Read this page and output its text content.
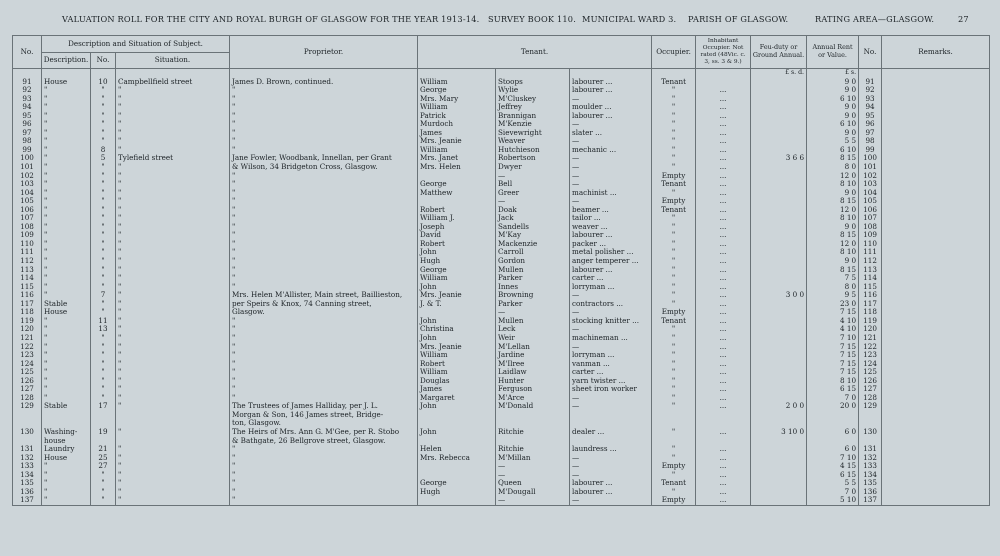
VALUATION ROLL FOR THE CITY AND ROYAL BURGH OF GLASGOW FOR THE YEAR 1913-14. SURVEY BOOK 110. MUNICIPAL WARD 3. PARISH OF GLASGOW.	RATING AREA—GLASGOW.	27
No.	Description and Situation of Subject.			Proprietor.	Tenant.			Occupier.	Inhabitant Occupier. Not rated (48Vic. c. 3, ss. 3 & 9.)	Feu-duty or Ground Annual.	Annual Rent or Value.	No.	Remarks.
	Description.	No.	Situation.										
										£ s. d.	£ s.		
91	House	10	Campbellfield street	James D. Brown, continued.	William	Stoops	labourer ...	Tenant			9 0	91	
92	"	"	"	"	George	Wylie	labourer ...	"	...		9 0	92	
93	"	"	"	"	Mrs. Mary	M'Cluskey	—	"	...		6 10	93	
94	"	"	"	"	William	Jeffrey	moulder ...	"	...		9 0	94	
95	"	"	"	"	Patrick	Brannigan	labourer ...	"	...		9 0	95	
96	"	"	"	"	Murdoch	M'Kenzie	—	"	...		6 10	96	
97	"	"	"	"	James	Sievewright	slater ...	"	...		9 0	97	
98	"	"	"	"	Mrs. Jeanie	Weaver	—	"	...		5 5	98	
99	"	8	"	"	William	Hutchieson	mechanic ...	"	...		6 10	99	
100	"	5	Tylefield street	Jane Fowler, Woodbank, Innellan, per Grant	Mrs. Janet	Robertson	—	"	...	3 6 6	8 15	100	
101	"	"	"	& Wilson, 34 Bridgeton Cross, Glasgow.	Mrs. Helen	Dwyer	—	"	...		8 0	101	
102	"	"	"	"		—	—	Empty	...		12 0	102	
103	"	"	"	"	George	Bell	—	Tenant	...		8 10	103	
104	"	"	"	"	Matthew	Greer	machinist ...	"	...		9 0	104	
105	"	"	"	"		—	—	Empty	...		8 15	105	
106	"	"	"	"	Robert	Doak	beamer ...	Tenant	...		12 0	106	
107	"	"	"	"	William J.	Jack	tailor ...	"	...		8 10	107	
108	"	"	"	"	Joseph	Sandells	weaver ...	"	...		9 0	108	
109	"	"	"	"	David	M'Kay	labourer ...	"	...		8 15	109	
110	"	"	"	"	Robert	Mackenzie	packer ...	"	...		12 0	110	
111	"	"	"	"	John	Carroll	metal polisher ...	"	...		8 10	111	
112	"	"	"	"	Hugh	Gordon	anger temperer ...	"	...		9 0	112	
113	"	"	"	"	George	Mullen	labourer ...	"	...		8 15	113	
114	"	"	"	"	William	Parker	carter ...	"	...		7 5	114	
115	"	"	"	"	John	Innes	lorryman ...	"	...		8 0	115	
116	"	7	"	Mrs. Helen M'Allister, Main street, Baillieston,	Mrs. Jeanie	Browning	—	"	...	3 0 0	9 5	116	
117	Stable	"	"	per Speirs & Knox, 74 Canning street,	J. & T.	Parker	contractors ...	"	...		23 0	117	
118	House	"	"	Glasgow.		—	—	Empty	...		7 15	118	
119	"	11	"	"	John	Mullen	stocking knitter ...	Tenant	...		4 10	119	
120	"	13	"	"	Christina	Leck	—	"	...		4 10	120	
121	"	"	"	"	John	Weir	machineman ...	"	...		7 10	121	
122	"	"	"	"	Mrs. Jeanie	M'Lellan	—	"	...		7 15	122	
123	"	"	"	"	William	Jardine	lorryman ...	"	...		7 15	123	
124	"	"	"	"	Robert	M'Ilree	vanman ...	"	...		7 15	124	
125	"	"	"	"	William	Laidlaw	carter ...	"	...		7 15	125	
126	"	"	"	"	Douglas	Hunter	yarn twister ...	"	...		8 10	126	
127	"	"	"	"	James	Ferguson	sheet iron worker	"	...		6 15	127	
128	"	"	"	"	Margaret	M'Arce	—	"	...		7 0	128	
129	Stable	17	"	The Trustees of James Halliday, per J. L.	John	M'Donald	—	"	...	2 0 0	20 0	129	
				Morgan & Son, 146 James street, Bridge-									
				ton, Glasgow.									
130	Washing-	19	"	The Heirs of Mrs. Ann G. M'Gee, per R. Stobo	John	Ritchie	dealer ...	"	...	3 10 0	6 0	130	
	house			& Bathgate, 26 Bellgrove street, Glasgow.									
131	Laundry	21	"	"	Helen	Ritchie	laundress ...	"	...		6 0	131	
132	House	25	"	"	Mrs. Rebecca	M'Millan	—	"	...		7 10	132	
133	"	27	"	"		—	—	Empty	...		4 15	133	
134	"	"	"	"		—	—	"	...		6 15	134	
135	"	"	"	"	George	Queen	labourer ...	Tenant	...		5 5	135	
136	"	"	"	"	Hugh	M'Dougall	labourer ...	"	...		7 0	136	
137	"	"	"	"		—	—	Empty	...		5 10	137	
